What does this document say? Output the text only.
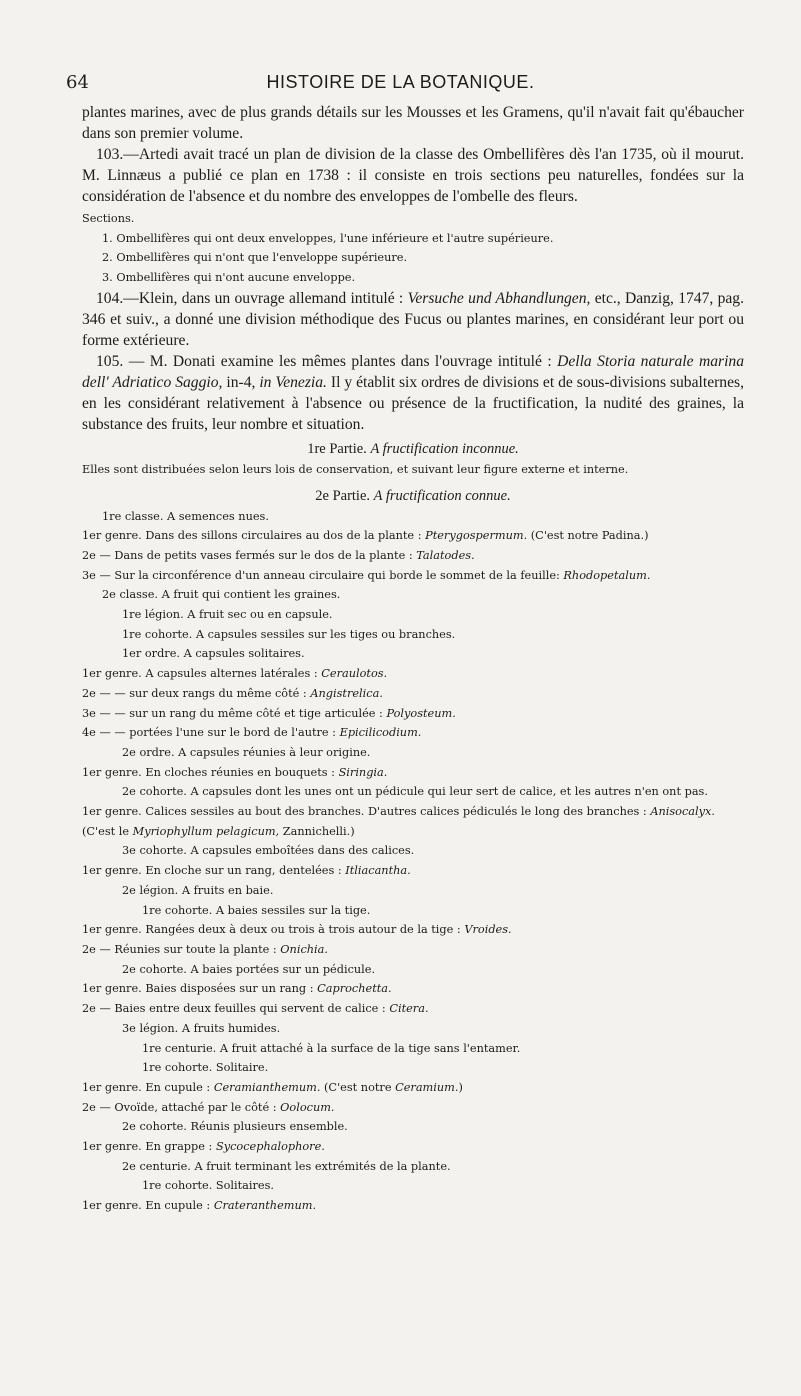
64	HISTOIRE DE LA BOTANIQUE.

plantes marines, avec de plus grands détails sur les Mousses et les Gramens, qu'il n'avait fait qu'ébaucher dans son premier volume.

103.—Artedi avait tracé un plan de division de la classe des Ombellifères dès l'an 1735, où il mourut. M. Linnæus a publié ce plan en 1738 : il consiste en trois sections peu naturelles, fondées sur la considération de l'absence et du nombre des enveloppes de l'ombelle des fleurs.

Sections.
1. Ombellifères qui ont deux enveloppes, l'une inférieure et l'autre supérieure.
2. Ombellifères qui n'ont que l'enveloppe supérieure.
3. Ombellifères qui n'ont aucune enveloppe.

104.—Klein, dans un ouvrage allemand intitulé : Versuche und Abhandlungen, etc., Danzig, 1747, pag. 346 et suiv., a donné une division méthodique des Fucus ou plantes marines, en considérant leur port ou forme extérieure.

105. — M. Donati examine les mêmes plantes dans l'ouvrage intitulé : Della Storia naturale marina dell' Adriatico Saggio, in-4, in Venezia. Il y établit six ordres de divisions et de sous-divisions subalternes, en les considérant relativement à l'absence ou présence de la fructification, la nudité des graines, la substance des fruits, leur nombre et situation.

1re Partie. A fructification inconnue.
Elles sont distribuées selon leurs lois de conservation, et suivant leur figure externe et interne.
2e Partie. A fructification connue.
1re classe. A semences nues.
1er genre. Dans des sillons circulaires au dos de la plante : Pterygospermum. (C'est notre Padina.)
2e — Dans de petits vases fermés sur le dos de la plante : Talatodes.
3e — Sur la circonférence d'un anneau circulaire qui borde le sommet de la feuille: Rhodopetalum.
2e classe. A fruit qui contient les graines.
1re légion. A fruit sec ou en capsule.
1re cohorte. A capsules sessiles sur les tiges ou branches.
1er ordre. A capsules solitaires.
1er genre. A capsules alternes latérales : Ceraulotos.
2e — — sur deux rangs du même côté : Angistrelica.
3e — — sur un rang du même côté et tige articulée : Polyosteum.
4e — — portées l'une sur le bord de l'autre : Epicilicodium.
2e ordre. A capsules réunies à leur origine.
1er genre. En cloches réunies en bouquets : Siringia.
2e cohorte. A capsules dont les unes ont un pédicule qui leur sert de calice, et les autres n'en ont pas.
1er genre. Calices sessiles au bout des branches. D'autres calices pédiculés le long des branches : Anisocalyx. (C'est le Myriophyllum pelagicum, Zannichelli.)
3e cohorte. A capsules emboîtées dans des calices.
1er genre. En cloche sur un rang, dentelées : Itliacantha.
2e légion. A fruits en baie.
1re cohorte. A baies sessiles sur la tige.
1er genre. Rangées deux à deux ou trois à trois autour de la tige : Vroides.
2e — Réunies sur toute la plante : Onichia.
2e cohorte. A baies portées sur un pédicule.
1er genre. Baies disposées sur un rang : Caprochetta.
2e — Baies entre deux feuilles qui servent de calice : Citera.
3e légion. A fruits humides.
1re centurie. A fruit attaché à la surface de la tige sans l'entamer.
1re cohorte. Solitaire.
1er genre. En cupule : Ceramianthemum. (C'est notre Ceramium.)
2e — Ovoïde, attaché par le côté : Oolocum.
2e cohorte. Réunis plusieurs ensemble.
1er genre. En grappe : Sycocephalophore.
2e centurie. A fruit terminant les extrémités de la plante.
1re cohorte. Solitaires.
1er genre. En cupule : Crateranthemum.
